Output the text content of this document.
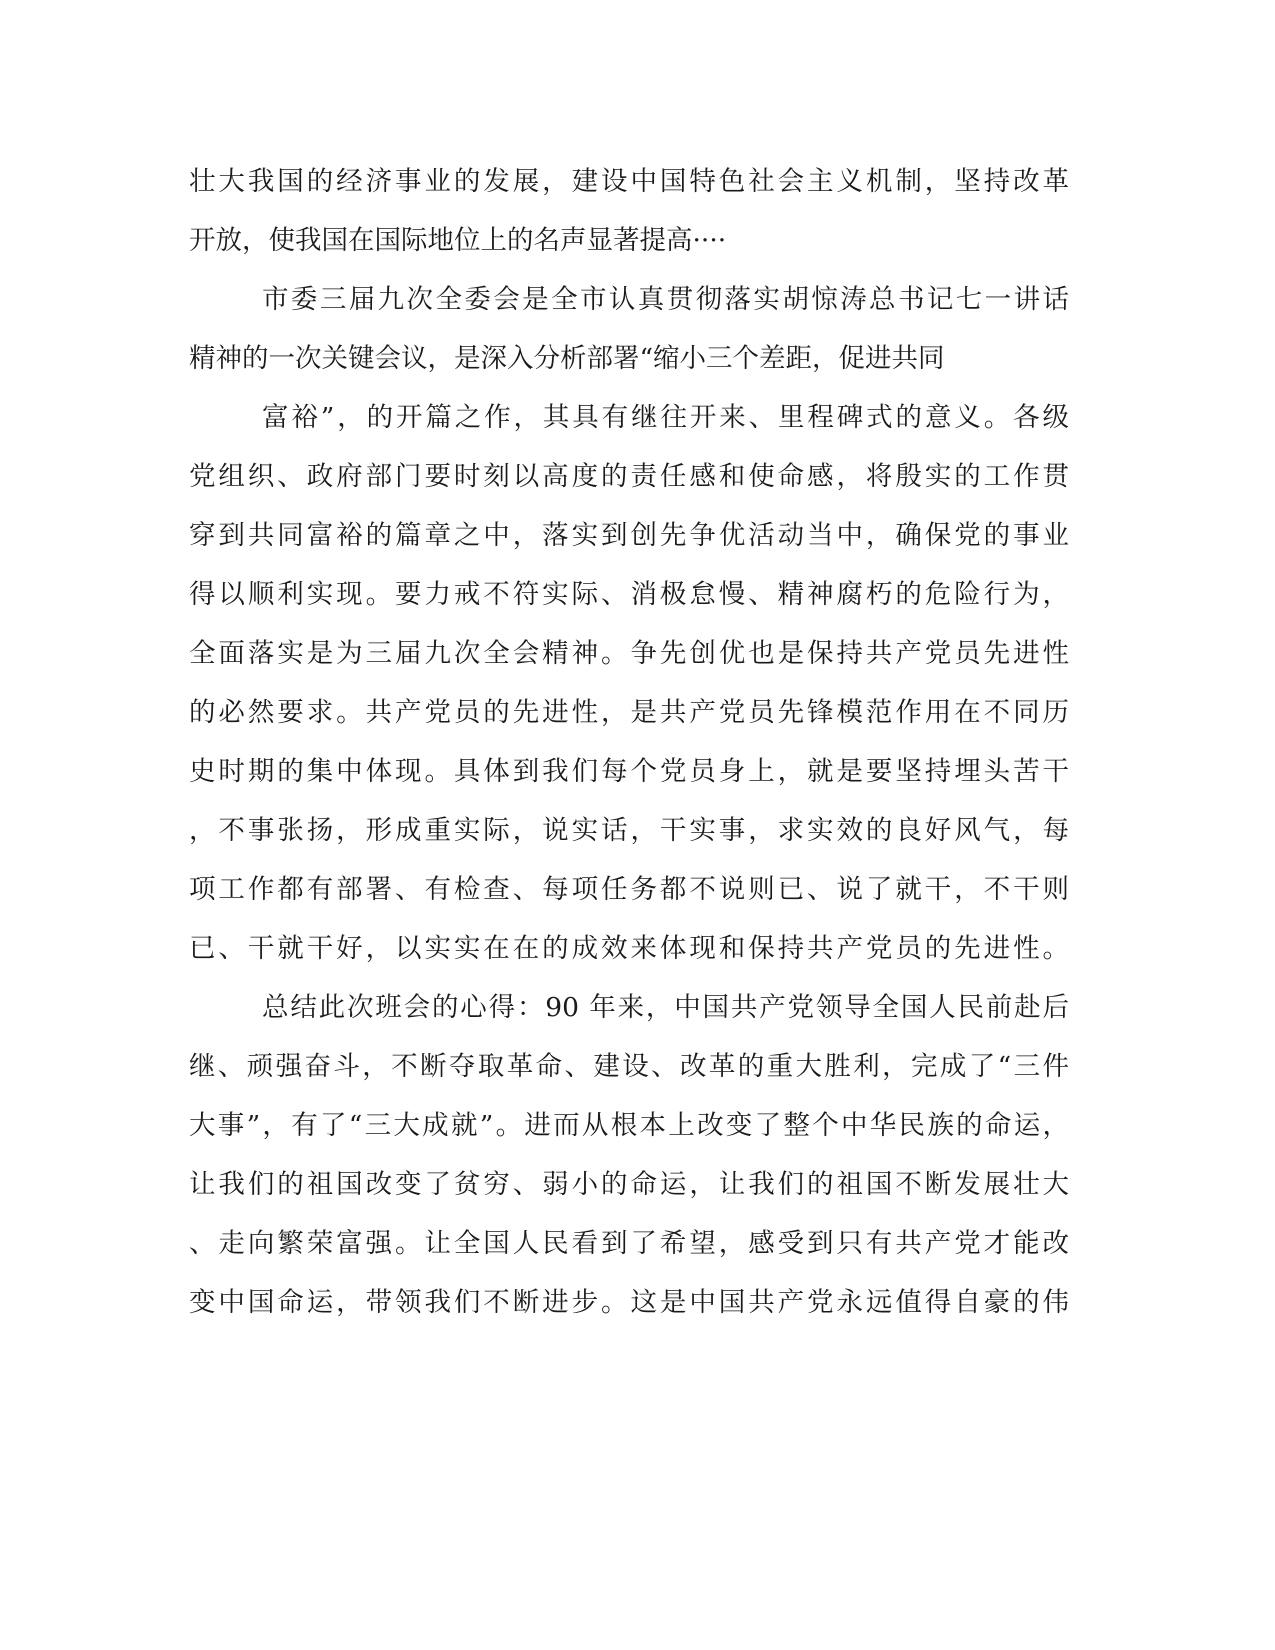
壮大我国的经济事业的发展，建设中国特色社会主义机制，坚持改革

开放，使我国在国际地位上的名声显著提高····

市委三届九次全委会是全市认真贯彻落实胡惊涛总书记七一讲话

精神的一次关键会议，是深入分析部署“缩小三个差距，促进共同

富裕”，的开篇之作，其具有继往开来、里程碑式的意义。各级

党组织、政府部门要时刻以高度的责任感和使命感，将殷实的工作贯

穿到共同富裕的篇章之中，落实到创先争优活动当中，确保党的事业

得以顺利实现。要力戒不符实际、消极怠慢、精神腐朽的危险行为，

全面落实是为三届九次全会精神。争先创优也是保持共产党员先进性

的必然要求。共产党员的先进性，是共产党员先锋模范作用在不同历

史时期的集中体现。具体到我们每个党员身上，就是要坚持埋头苦干

，不事张扬，形成重实际，说实话，干实事，求实效的良好风气，每

项工作都有部署、有检查、每项任务都不说则已、说了就干，不干则

已、干就干好，以实实在在的成效来体现和保持共产党员的先进性。

总结此次班会的心得：90 年来，中国共产党领导全国人民前赴后

继、顽强奋斗，不断夺取革命、建设、改革的重大胜利，完成了“三件

大事”，有了“三大成就”。进而从根本上改变了整个中华民族的命运，

让我们的祖国改变了贫穷、弱小的命运，让我们的祖国不断发展壮大

、走向繁荣富强。让全国人民看到了希望，感受到只有共产党才能改

变中国命运，带领我们不断进步。这是中国共产党永远值得自豪的伟
